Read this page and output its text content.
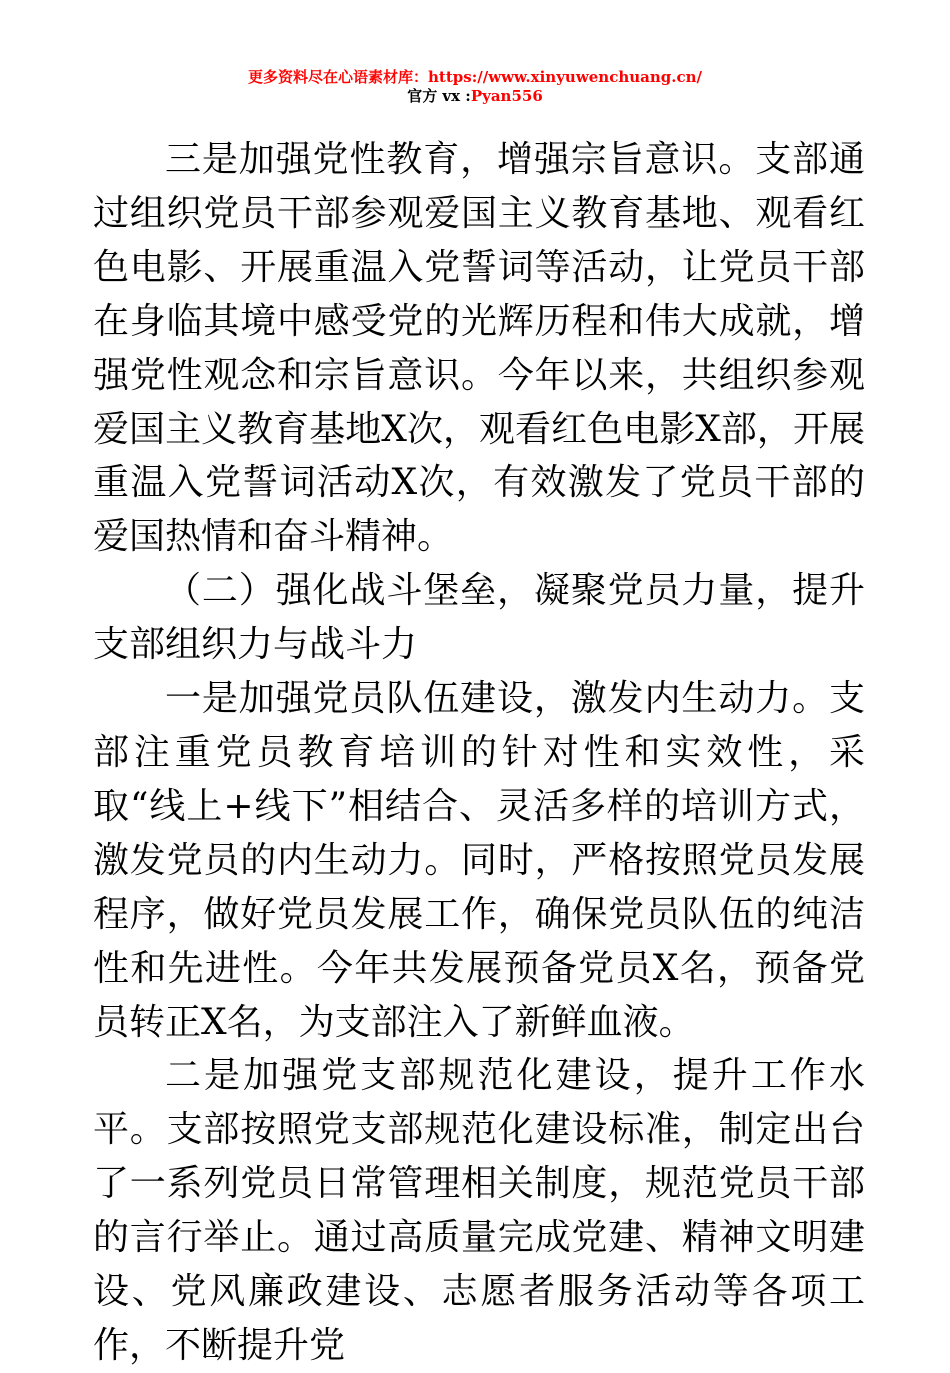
更多资料尽在心语素材库：https://www.xinyuwenchuang.cn/
官方 vx :Pyan556

三是加强党性教育，增强宗旨意识。支部通过组织党员干部参观爱国主义教育基地、观看红色电影、开展重温入党誓词等活动，让党员干部在身临其境中感受党的光辉历程和伟大成就，增强党性观念和宗旨意识。今年以来，共组织参观爱国主义教育基地X次，观看红色电影X部，开展重温入党誓词活动X次，有效激发了党员干部的爱国热情和奋斗精神。

（二）强化战斗堡垒，凝聚党员力量，提升支部组织力与战斗力

一是加强党员队伍建设，激发内生动力。支部注重党员教育培训的针对性和实效性，采取“线上+线下”相结合、灵活多样的培训方式，激发党员的内生动力。同时，严格按照党员发展程序，做好党员发展工作，确保党员队伍的纯洁性和先进性。今年共发展预备党员X名，预备党员转正X名，为支部注入了新鲜血液。

二是加强党支部规范化建设，提升工作水平。支部按照党支部规范化建设标准，制定出台了一系列党员日常管理相关制度，规范党员干部的言行举止。通过高质量完成党建、精神文明建设、党风廉政建设、志愿者服务活动等各项工作，不断提升党
